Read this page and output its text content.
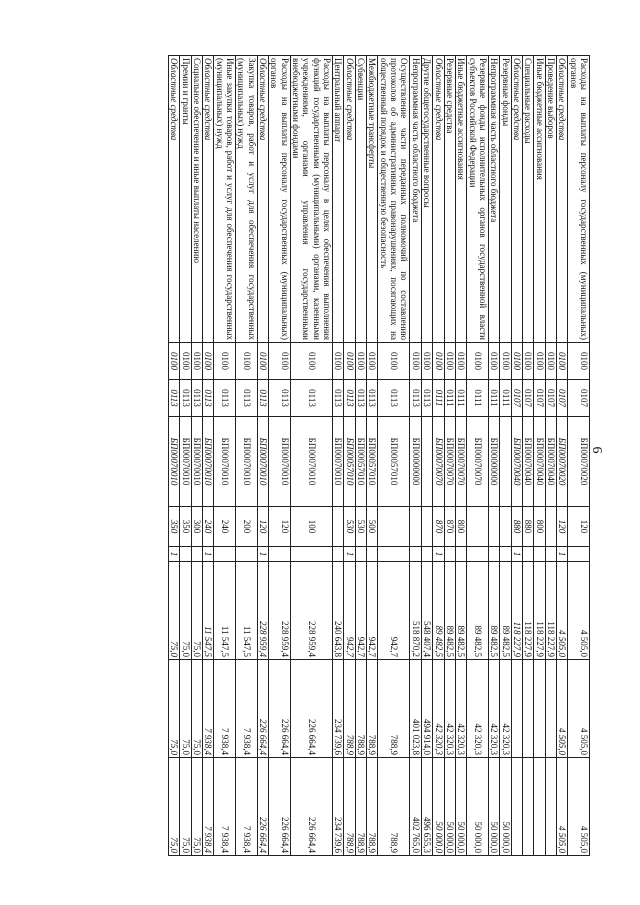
6
Расходы на выплаты персоналу государственных (муниципальных) органов	0100	0107	БП00070020	120		4 505,0	4 505,0	4 505,0
Областные средства	0100	0107	БП00070020	120	1	4 505,0	4 505,0	4 505,0
Проведение выборов	0100	0107	БП00070040			118 227,9		
Иные бюджетные ассигнования	0100	0107	БП00070040	800		118 227,9		
Специальные расходы	0100	0107	БП00070040	880		118 227,9		
Областные средства	0100	0107	БП00070040	880	1	118 227,9		
Резервные фонды	0100	0111				89 482,5	42 320,3	50 000,0
Непрограммная часть областного бюджета	0100	0111	БП00000000			89 482,5	42 320,3	50 000,0
Резервные фонды исполнительных органов государственной власти субъектов Российской Федерации	0100	0111	БП00070070			89 482,5	42 320,3	50 000,0
Иные бюджетные ассигнования	0100	0111	БП00070070	800		89 482,5	42 320,3	50 000,0
Резервные средства	0100	0111	БП00070070	870		89 482,5	42 320,3	50 000,0
Областные средства	0100	0111	БП00070070	870	1	89 482,5	42 320,3	50 000,0
Другие общегосударственные вопросы	0100	0113				548 407,4	494 914,0	496 655,3
Непрограммная часть областного бюджета	0100	0113	БП00000000			518 870,2	401 023,8	402 765,0
Осуществление части переданных полномочий по составлению протоколов об административных правонарушениях, посягающих на общественный порядок и общественную безопасность	0100	0113	БП00057010			942,7	788,9	788,9
Межбюджетные трансферты	0100	0113	БП00057010	500		942,7	788,9	788,9
Субвенции	0100	0113	БП00057010	530		942,7	788,9	788,9
Областные средства	0100	0113	БП00057010	530	1	942,7	788,9	788,9
Центральный аппарат	0100	0113	БП00070010			240 643,8	234 739,6	234 739,6
Расходы на выплаты персоналу в целях обеспечения выполнения функций государственными (муниципальными) органами, казенными учреждениями, органами управления государственными внебюджетными фондами	0100	0113	БП00070010	100		228 959,4	226 664,4	226 664,4
Расходы на выплаты персоналу государственных (муниципальных) органов	0100	0113	БП00070010	120		228 959,4	226 664,4	226 664,4
Областные средства	0100	0113	БП00070010	120	1	228 959,4	226 664,4	226 664,4
Закупка товаров, работ и услуг для обеспечения государственных (муниципальных) нужд	0100	0113	БП00070010	200		11 547,5	7 938,4	7 938,4
Иные закупки товаров, работ и услуг для обеспечения государственных (муниципальных) нужд	0100	0113	БП00070010	240		11 547,5	7 938,4	7 938,4
Областные средства	0100	0113	БП00070010	240	1	11 547,5	7 938,4	7 938,4
Социальное обеспечение и иные выплаты населению	0100	0113	БП00070010	300		75,0	75,0	75,0
Премии и гранты	0100	0113	БП00070010	350		75,0	75,0	75,0
Областные средства	0100	0113	БП00070010	350	1	75,0	75,0	75,0
